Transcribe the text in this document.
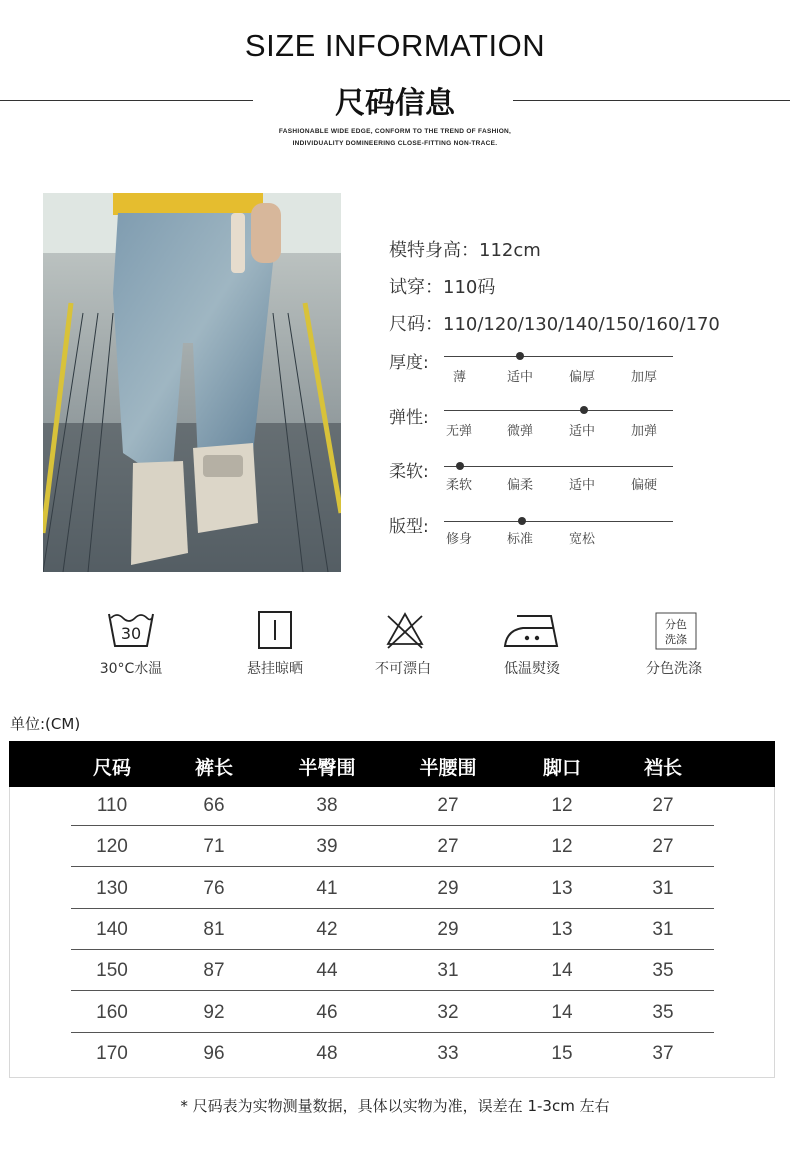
SIZE INFORMATION
尺码信息
FASHIONABLE WIDE EDGE, CONFORM TO THE TREND OF FASHION,
INDIVIDUALITY DOMINEERING CLOSE-FITTING NON-TRACE.
模特身高：112cm
试穿：110码
尺码：110/120/130/140/150/160/170
厚度:
薄	适中	偏厚	加厚
弹性:
无弹	微弹	适中	加弹
柔软:
柔软	偏柔	适中	偏硬
版型:
修身	标准	宽松
30
30°C水温	悬挂晾晒	不可漂白	低温熨烫
分色
洗涤
分色洗涤
单位:(CM)
尺码	裤长	半臀围	半腰围	脚口	裆长
110	66	38	27	12	27
120	71	39	27	12	27
130	76	41	29	13	31
140	81	42	29	13	31
150	87	44	31	14	35
160	92	46	32	14	35
170	96	48	33	15	37
* 尺码表为实物测量数据，具体以实物为准，误差在 1-3cm 左右
